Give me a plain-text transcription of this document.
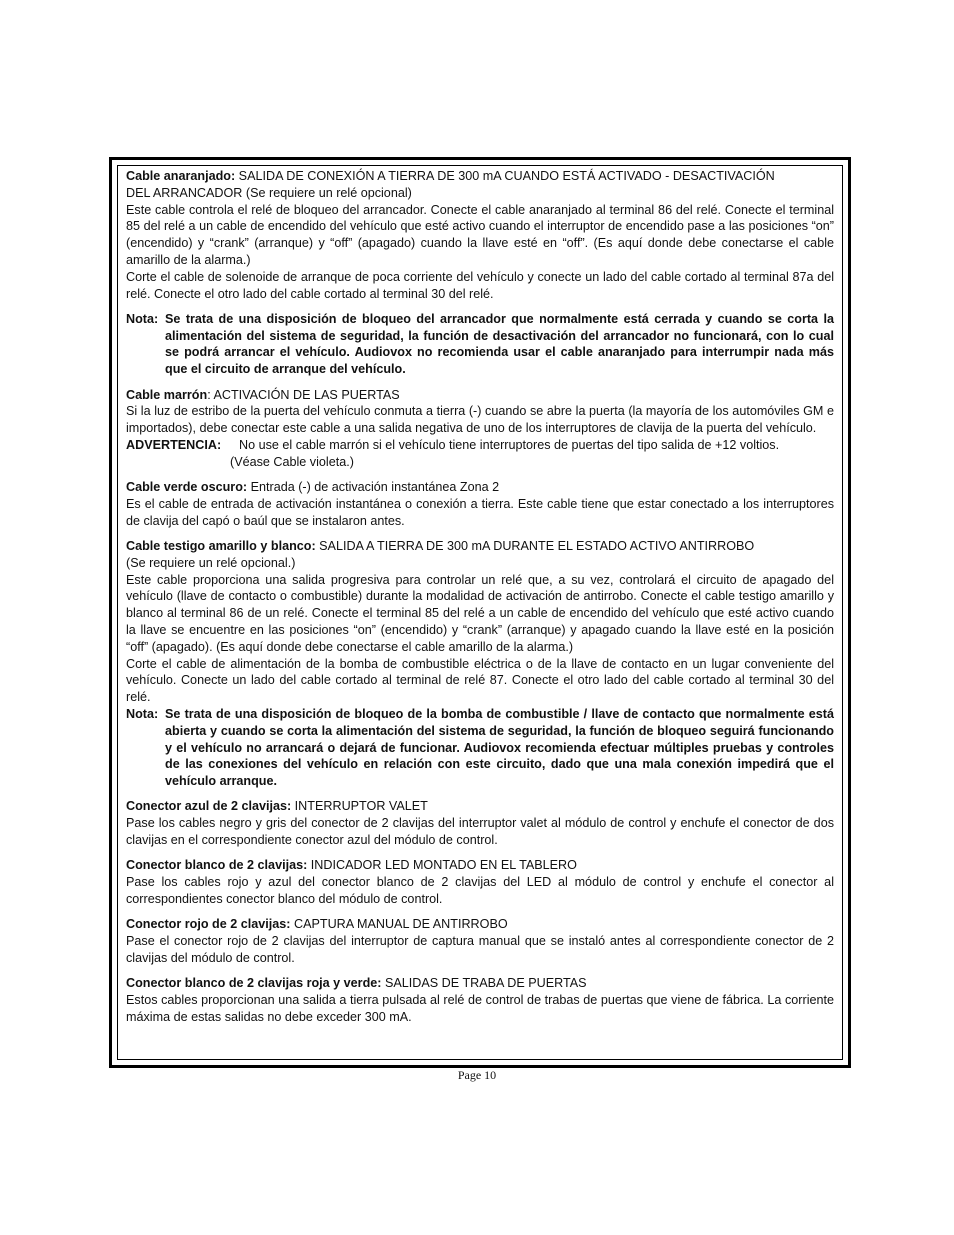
Cable anaranjado: SALIDA DE CONEXIÓN A TIERRA DE 300 mA CUANDO ESTÁ ACTIVADO - DESACTIVACIÓN
DEL ARRANCADOR (Se requiere un relé opcional)

Este cable controla el relé de bloqueo del arrancador. Conecte el cable anaranjado al terminal 86 del relé. Conecte el terminal 85 del relé a un cable de encendido del vehículo que esté activo cuando el interruptor de encendido pase a las posiciones “on” (encendido) y “crank” (arranque) y “off” (apagado) cuando la llave esté en “off”. (Es aquí donde debe conectarse el cable amarillo de la alarma.)

Corte el cable de solenoide de arranque de poca corriente del vehículo y conecte un lado del cable cortado al terminal 87a del relé. Conecte el otro lado del cable cortado al terminal 30 del relé.

Nota: Se trata de una disposición de bloqueo del arrancador que normalmente está cerrada y cuando se corta la alimentación del sistema de seguridad, la función de desactivación del arrancador no funcionará, con lo cual se podrá arrancar el vehículo. Audiovox no recomienda usar el cable anaranjado para interrumpir nada más que el circuito de arranque del vehículo.

Cable marrón: ACTIVACIÓN DE LAS PUERTAS

Si la luz de estribo de la puerta del vehículo conmuta a tierra (-) cuando se abre la puerta (la mayoría de los automóviles GM e importados), debe conectar este cable a una salida negativa de uno de los interruptores de clavija de la puerta del vehículo.

ADVERTENCIA:	No use el cable marrón si el vehículo tiene interruptores de puertas del tipo salida de +12 voltios.
(Véase Cable violeta.)

Cable verde oscuro: Entrada (-) de activación instantánea Zona 2

Es el cable de entrada de activación instantánea o conexión a tierra. Este cable tiene que estar conectado a los interruptores de clavija del capó o baúl que se instalaron antes.

Cable testigo amarillo y blanco: SALIDA A TIERRA DE 300 mA DURANTE EL ESTADO ACTIVO ANTIRROBO
(Se requiere un relé opcional.)

Este cable proporciona una salida progresiva para controlar un relé que, a su vez, controlará el circuito de apagado del vehículo (llave de contacto o combustible) durante la modalidad de activación de antirrobo. Conecte el cable testigo amarillo y blanco al terminal 86 de un relé. Conecte el terminal 85 del relé a un cable de encendido del vehículo que esté activo cuando la llave se encuentre en las posiciones “on” (encendido) y “crank” (arranque) y apagado cuando la llave esté en la posición “off” (apagado). (Es aquí donde debe conectarse el cable amarillo de la alarma.)

Corte el cable de alimentación de la bomba de combustible eléctrica o de la llave de contacto en un lugar conveniente del vehículo. Conecte un lado del cable cortado al terminal de relé 87. Conecte el otro lado del cable cortado al terminal 30 del relé.

Nota: Se trata de una disposición de bloqueo de la bomba de combustible / llave de contacto que normalmente está abierta y cuando se corta la alimentación del sistema de seguridad, la función de bloqueo seguirá funcionando y el vehículo no arrancará o dejará de funcionar. Audiovox recomienda efectuar múltiples pruebas y controles de las conexiones del vehículo en relación con este circuito, dado que una mala conexión impedirá que el vehículo arranque.

Conector azul de 2 clavijas: INTERRUPTOR VALET

Pase los cables negro y gris del conector de 2 clavijas del interruptor valet al módulo de control y enchufe el conector de dos clavijas en el correspondiente conector azul del módulo de control.

Conector blanco de 2 clavijas: INDICADOR LED MONTADO EN EL TABLERO

Pase los cables rojo y azul del conector blanco de 2 clavijas del LED al módulo de control y enchufe el conector al correspondientes conector blanco del módulo de control.

Conector rojo de 2 clavijas: CAPTURA MANUAL DE ANTIRROBO

Pase el conector rojo de 2 clavijas del interruptor de captura manual que se instaló antes al correspondiente conector de 2 clavijas del módulo de control.

Conector blanco de 2 clavijas roja y verde: SALIDAS DE TRABA DE PUERTAS

Estos cables proporcionan una salida a tierra pulsada al relé de control de trabas de puertas que viene de fábrica. La corriente máxima de estas salidas no debe exceder 300 mA.

Page 10
